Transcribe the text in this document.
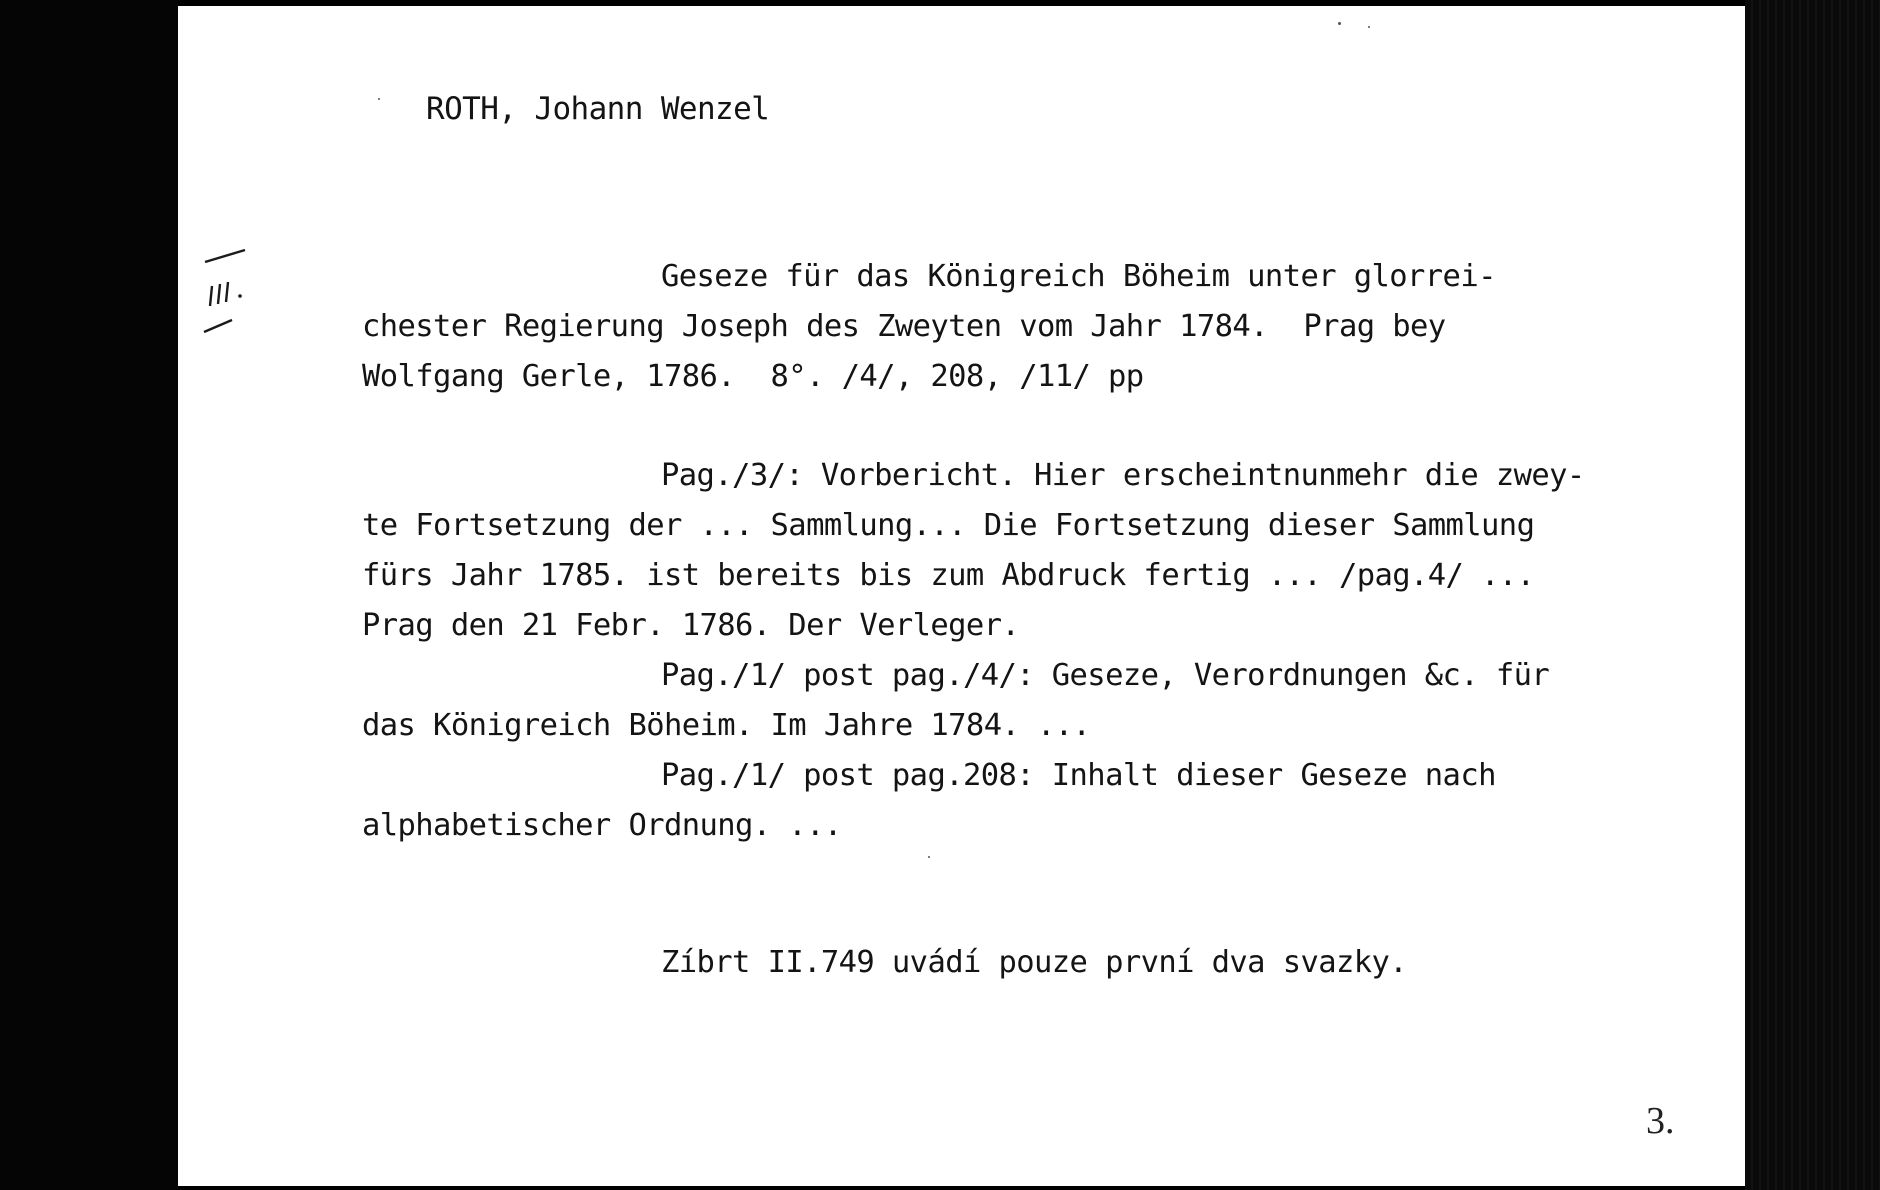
ROTH, Johann Wenzel
Geseze für das Königreich Böheim unter glorrei-
chester Regierung Joseph des Zweyten vom Jahr 1784.  Prag bey
Wolfgang Gerle, 1786.  8°. /4/, 208, /11/ pp
Pag./3/: Vorbericht. Hier erscheintnunmehr die zwey-
te Fortsetzung der ... Sammlung... Die Fortsetzung dieser Sammlung
fürs Jahr 1785. ist bereits bis zum Abdruck fertig ... /pag.4/ ...
Prag den 21 Febr. 1786. Der Verleger.
Pag./1/ post pag./4/: Geseze, Verordnungen &c. für
das Königreich Böheim. Im Jahre 1784. ...
Pag./1/ post pag.208: Inhalt dieser Geseze nach
alphabetischer Ordnung. ...
Zíbrt II.749 uvádí pouze první dva svazky.
3.
